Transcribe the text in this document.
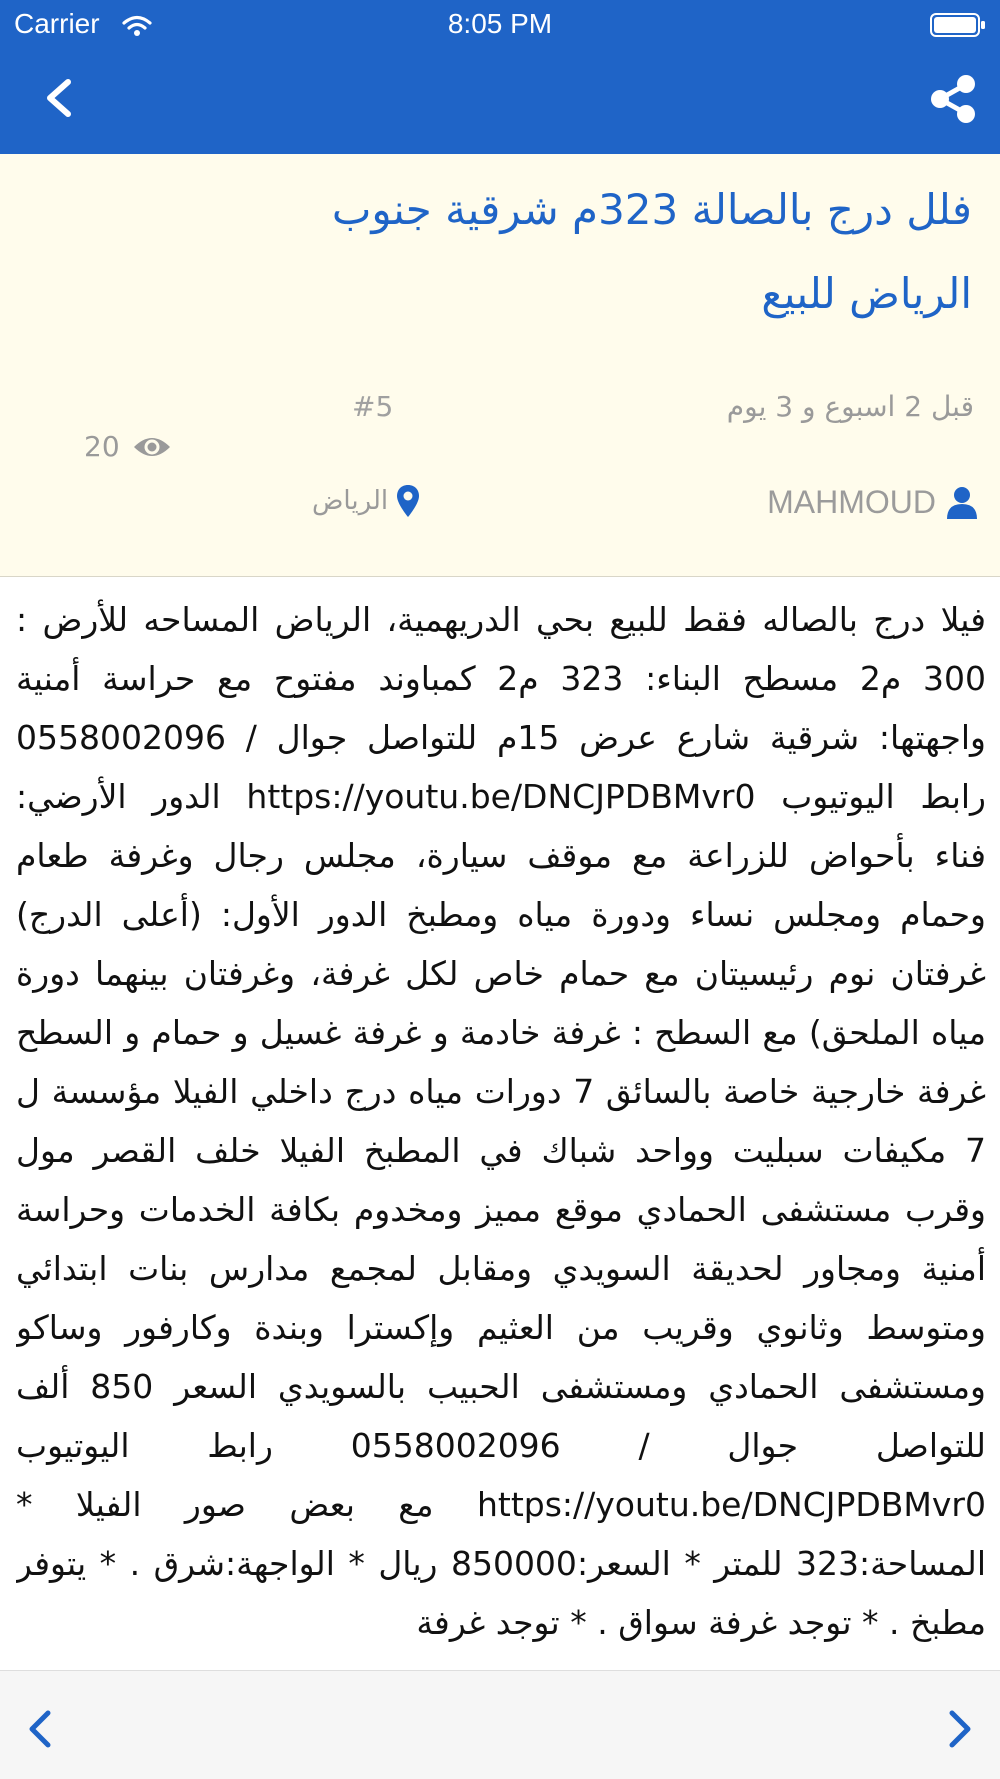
Carrier	8:05 PM
فلل درج بالصالة 323م شرقية جنوب الرياض للبيع
قبل 2 اسبوع و 3 يوم
#5
20
MAHMOUD
الرياض
فيلا درج بالصاله فقط للبيع بحي الدريهمية، الرياض المساحه للأرض : 300 م2 مسطح البناء: 323 م2 كمباوند مفتوح مع حراسة أمنية واجهتها: شرقية شارع عرض 15م للتواصل جوال / 0558002096 رابط اليوتيوب https://youtu.be/DNCJPDBMvr0 الدور الأرضي: فناء بأحواض للزراعة مع موقف سيارة، مجلس رجال وغرفة طعام وحمام ومجلس نساء ودورة مياه ومطبخ الدور الأول: (أعلى الدرج) غرفتان نوم رئيسيتان مع حمام خاص لكل غرفة، وغرفتان بينهما دورة مياه الملحق) مع السطح : غرفة خادمة و غرفة غسيل و حمام و السطح غرفة خارجية خاصة بالسائق 7 دورات مياه درج داخلي الفيلا مؤسسة ل 7 مكيفات سبليت وواحد شباك في المطبخ الفيلا خلف القصر مول وقرب مستشفى الحمادي موقع مميز ومخدوم بكافة الخدمات وحراسة أمنية ومجاور لحديقة السويدي ومقابل لمجمع مدارس بنات ابتدائي ومتوسط وثانوي وقريب من العثيم وإكسترا وبندة وكارفور وساكو ومستشفى الحمادي ومستشفى الحبيب بالسويدي السعر 850 ألف للتواصل جوال / 0558002096 رابط اليوتيوب https://youtu.be/DNCJPDBMvr0 مع بعض صور الفيلا * المساحة:323 للمتر * السعر:850000 ريال * الواجهة:شرق . * يتوفر مطبخ . * توجد غرفة سواق . * توجد غرفة
